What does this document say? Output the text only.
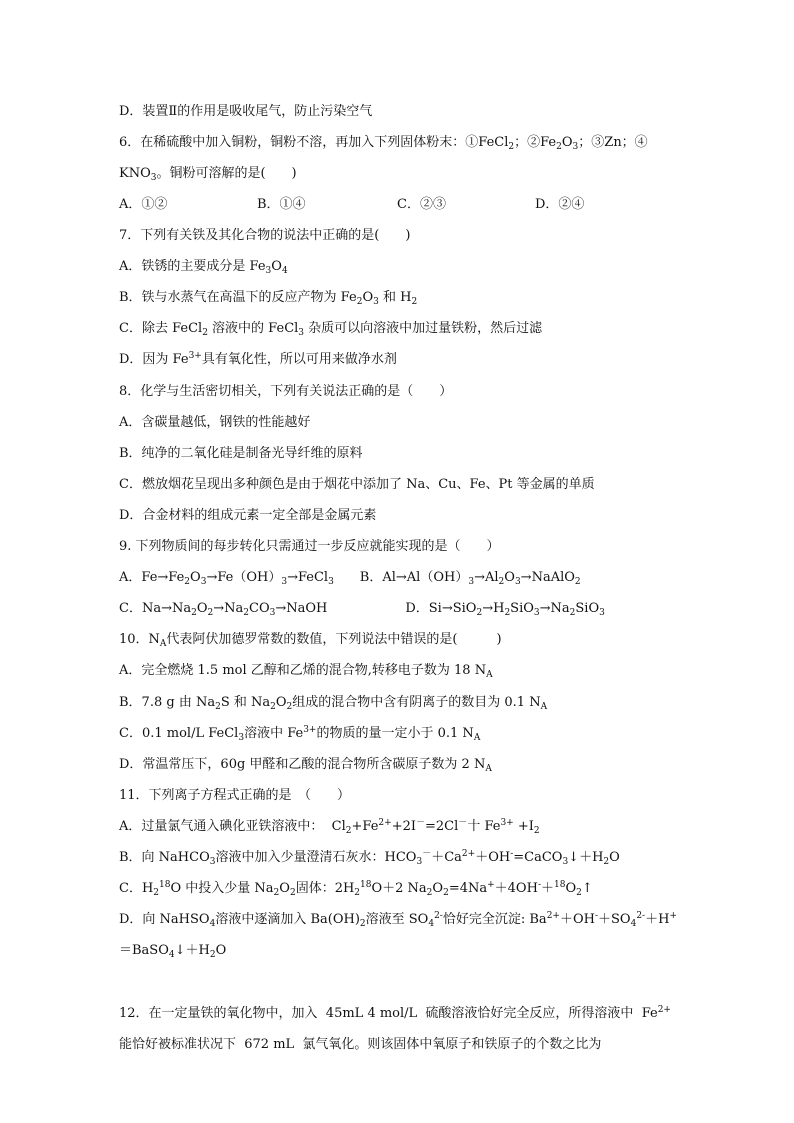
D．装置Ⅱ的作用是吸收尾气，防止污染空气
6．在稀硫酸中加入铜粉，铜粉不溶，再加入下列固体粉末：①FeCl$_2$；$②Fe_2O_3$；③Zn；④
$KNO_3$。铜粉可溶解的是(　　)
A．①②	B．①④	C．②③	D．②④
7．下列有关铁及其化合物的说法中正确的是(　　)
A．铁锈的主要成分是 $Fe_3O_4$
B．铁与水蒸气在高温下的反应产物为 $Fe_2O_3$ 和 $H_2$
C．除去 FeCl$_2$ 溶液中的 FeCl$_3$ 杂质可以向溶液中加过量铁粉，然后过滤
D．因为 $Fe^{3+}$具有氧化性，所以可用来做净水剂
8．化学与生活密切相关，下列有关说法正确的是（　　）
A．含碳量越低，钢铁的性能越好
B．纯净的二氧化硅是制备光导纤维的原料
C．燃放烟花呈现出多种颜色是由于烟花中添加了 Na、Cu、Fe、Pt 等金属的单质
D．合金材料的组成元素一定全部是金属元素
9. 下列物质间的每步转化只需通过一步反应就能实现的是（　　）
A．$Fe\to Fe_2O_3\to Fe(OH)_3\to FeCl_3$　　B．$Al\to Al(OH)_3\to Al_2O_3\to NaAlO_2$
C．$Na\to Na_2O_2\to Na_2CO_3\to NaOH$　　　　　　D．$Si\to SiO_2\to H_2SiO_3\to Na_2SiO_3$
10．$N_A$代表阿伏加德罗常数的数值，下列说法中错误的是(　　　)
A．完全燃烧 1.5 mol 乙醇和乙烯的混合物,转移电子数为 18 $N_A$
B．7.8 g 由 $Na_2S$ 和 $Na_2O_2$组成的混合物中含有阴离子的数目为 0.1 $N_A$
C．0.1 mol/L FeCl$_3$溶液中 $Fe^{3+}$的物质的量一定小于 0.1 $N_A$
D．常温常压下，60g 甲醛和乙酸的混合物所含碳原子数为 2 $N_A$
11．下列离子方程式正确的是　（　　）
A．过量氯气通入碘化亚铁溶液中：  $Cl_2+Fe^{2+}+2I^-=2Cl^-$十 $Fe^{3+} +I_2$
B．向 NaHCO$_3$溶液中加入少量澄清石灰水：$HCO_3^-+Ca^{2+}+OH^-=CaCO_3↓+H_2O$
C．$H_2^{18}O$ 中投入少量 $Na_2O_2$固体：$2H_2^{18}O+2$ $Na_2O_2=4Na^++4OH^-+^{18}O_2↑$
D．向 NaHSO$_4$溶液中逐滴加入 $Ba(OH)_2$溶液至 $SO_4^{2-}$恰好完全沉淀: $Ba^{2+}+OH^-+SO_4^{2-}+H^+$
$=BaSO_4↓+H_2O$
12．在一定量铁的氧化物中，加入  45mL 4 mol/L  硫酸溶液恰好完全反应，所得溶液中  $Fe^{2+}$
能恰好被标准状况下  672 mL  氯气氧化。则该固体中氧原子和铁原子的个数之比为
